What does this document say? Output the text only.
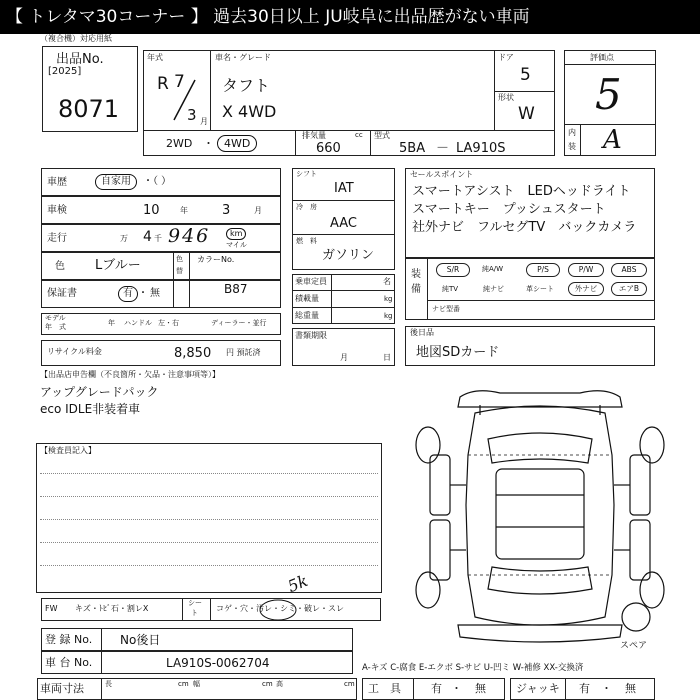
【 トレタマ30コーナー 】 過去30日以上 JU岐阜に出品歴がない車両
（複合機）対応用紙
出品No.
[2025]
8071
年式
R 7
3 月
車名・グレード
タフト
X 4WD
ドア
5
形状
W
2WD ・ 4WD
排気量	cc
660
型式
5BA － LA910S
評価点
5
内
装 A
車歴	自家用	・（ ）
車検	10	年	3	月
走行	万 4 千 946	km
マイル
色 Lブルー	色
替
カラーNo.
B87
保証書	有 ・ 無
モデル
年　式	年 ハンドル 左・右	ディーラー・並行
リサイクル料金	8,850 円 預託済
シフト
IAT
冷　房
AAC
燃　料
ガソリン
乗車定員	名
積載量	kg
総重量	kg
書類期限
月	日
セールスポイント
スマートアシスト　LEDヘッドライト
スマートキー　プッシュスタート
社外ナビ　フルセグTV　バックカメラ
装
備
S/R	純A/W	P/S	P/W	ABS
純TV	純ナビ	革シート	外ナビ	エアB
ナビ型番
後日品
地図SDカード
【出品店申告欄（不良箇所・欠品・注意事項等）】
アップグレードパック
eco IDLE非装着車
【検査員記入】
FW キズ・ﾄﾋﾞ石・割レX
シー
ト コゲ・穴・汚レ・シミ・破レ・スレ
5k
登 録 No. No後日
車 台 No.	LA910S-0062704
車両寸法	長	cm 幅	cm 高	cm
A-キズ C-腐食 E-エクボ S-サビ U-凹ミ W-補修 XX-交換済
工　具	有 ・ 無	ジャッキ 有 ・ 無
スペア
